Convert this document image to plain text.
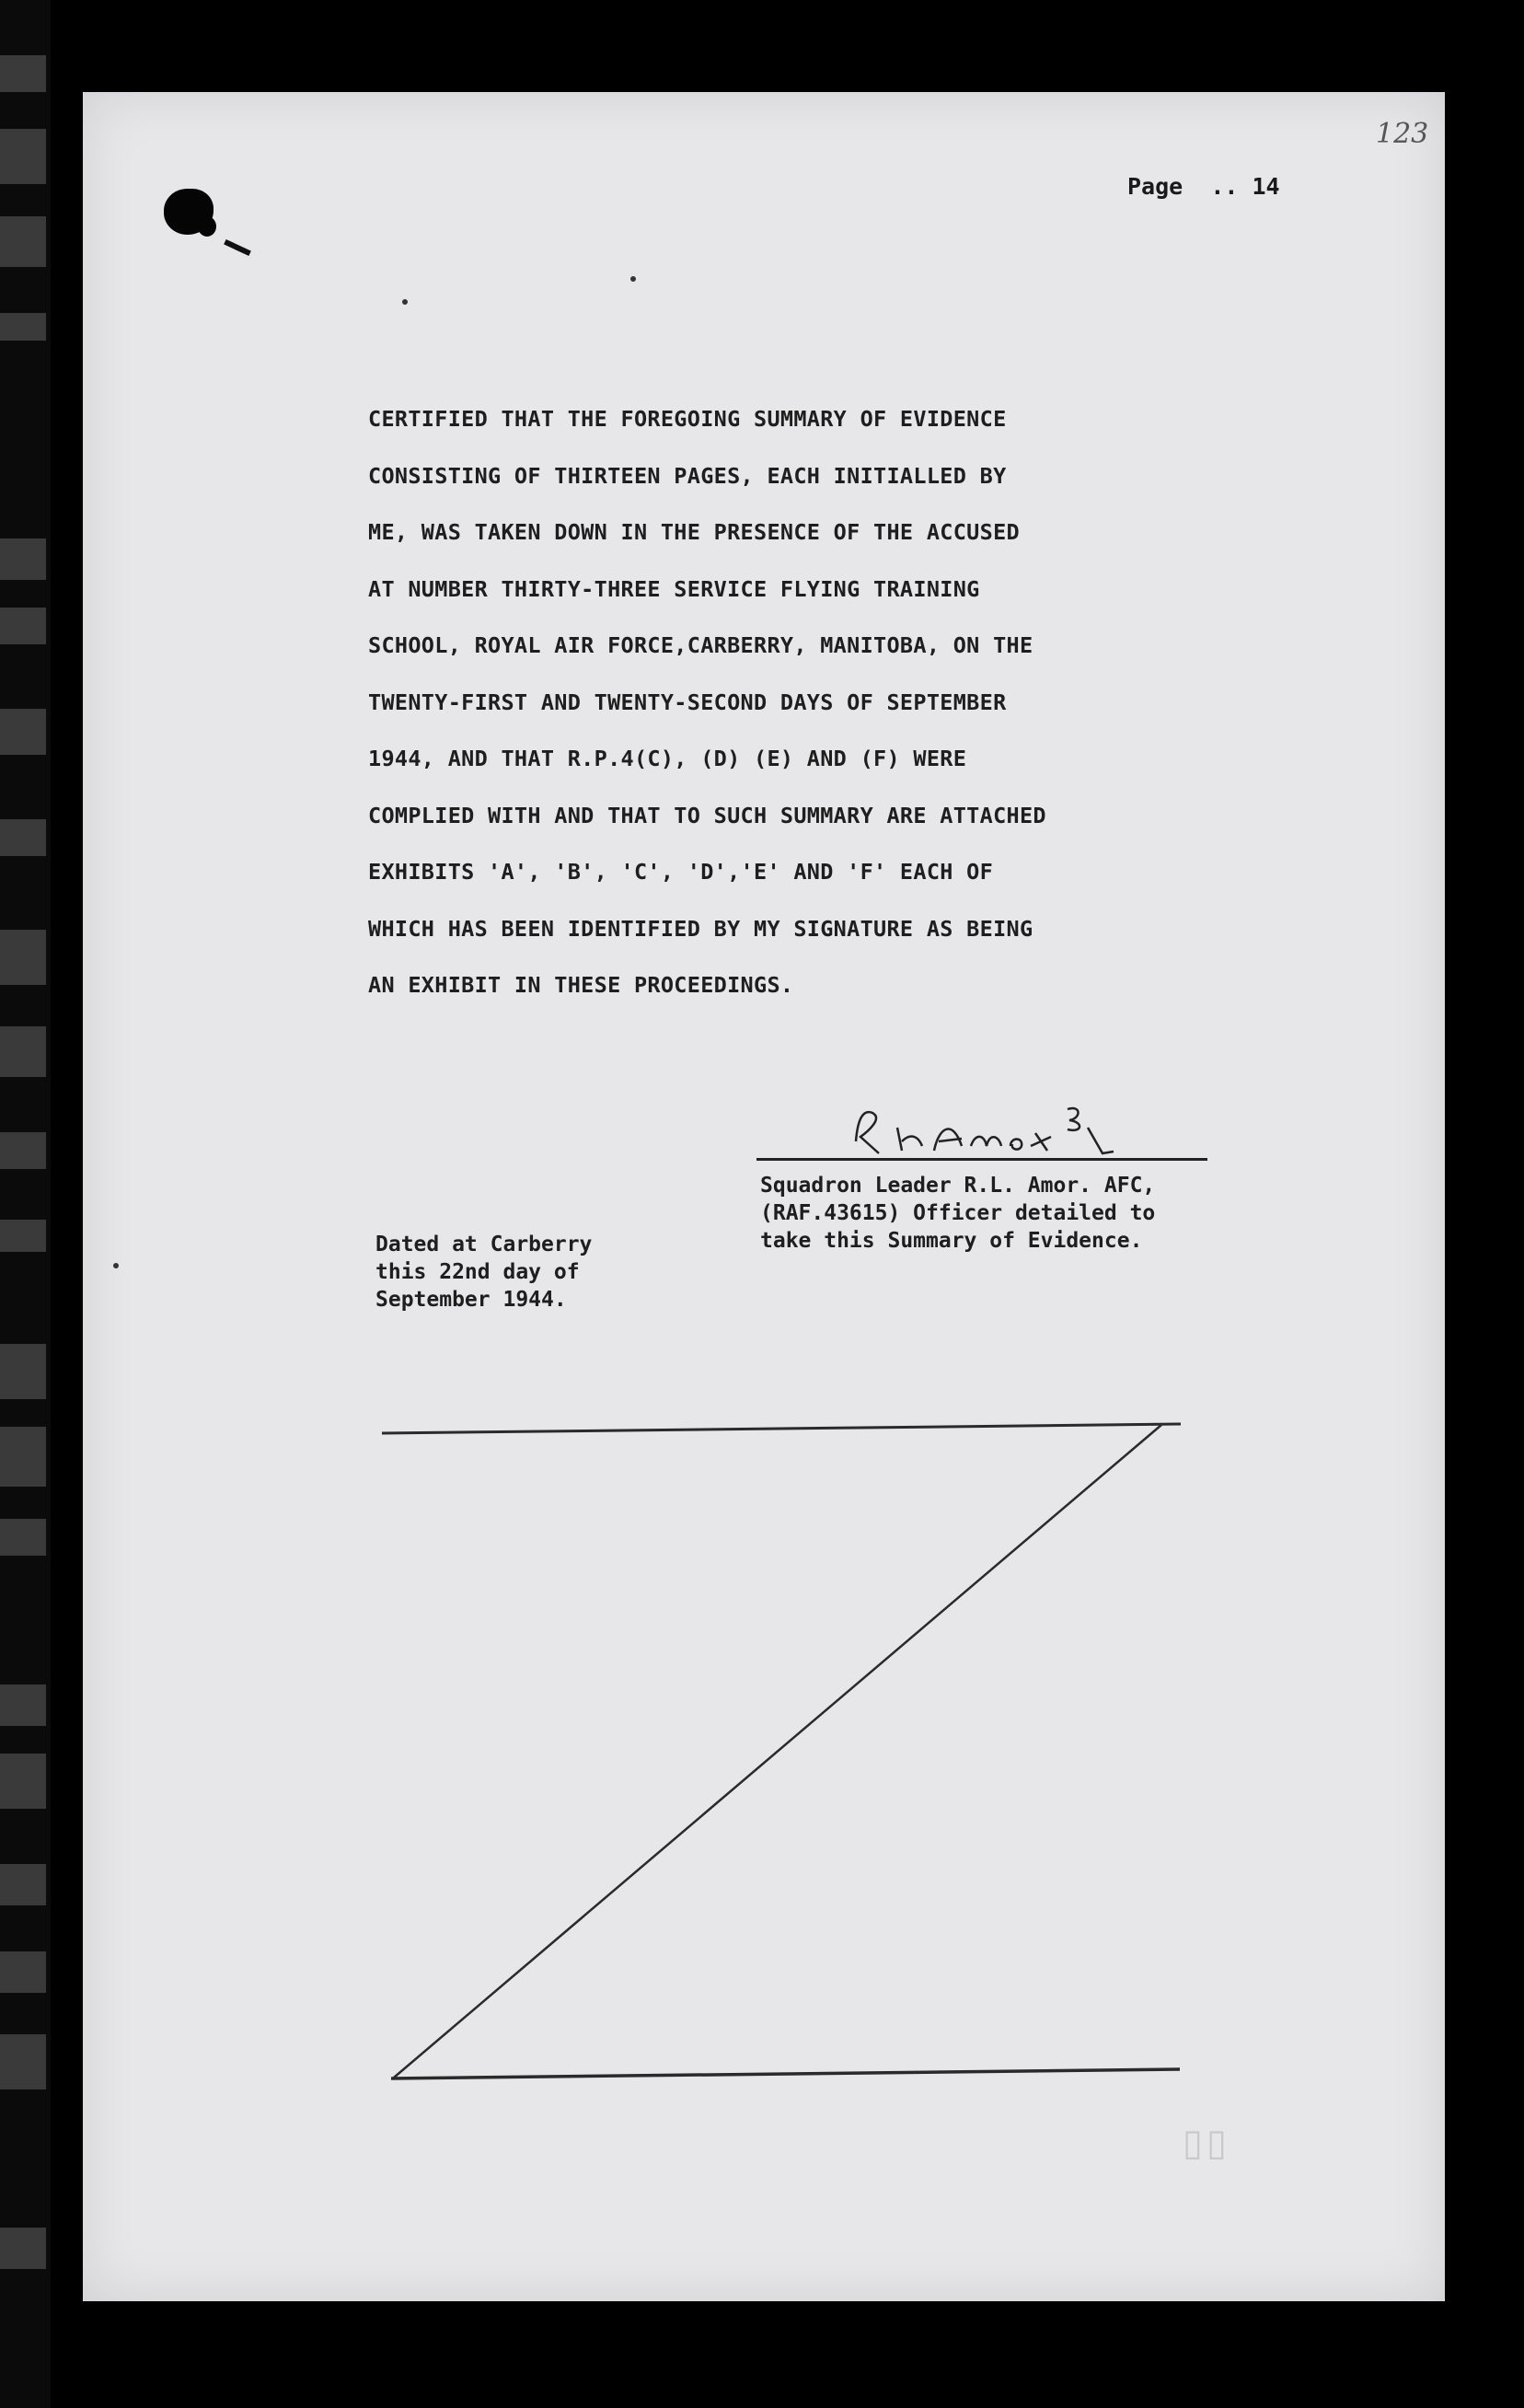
123
Page .. 14
CERTIFIED THAT THE FOREGOING SUMMARY OF EVIDENCE
CONSISTING OF THIRTEEN PAGES, EACH INITIALLED BY
ME, WAS TAKEN DOWN IN THE PRESENCE OF THE ACCUSED
AT NUMBER THIRTY-THREE SERVICE FLYING TRAINING
SCHOOL, ROYAL AIR FORCE,CARBERRY, MANITOBA, ON THE
TWENTY-FIRST AND TWENTY-SECOND DAYS OF SEPTEMBER
1944, AND THAT R.P.4(C), (D) (E) AND (F) WERE
COMPLIED WITH AND THAT TO SUCH SUMMARY ARE ATTACHED
EXHIBITS 'A', 'B', 'C', 'D','E' AND 'F' EACH OF
WHICH HAS BEEN IDENTIFIED BY MY SIGNATURE AS BEING
AN EXHIBIT IN THESE PROCEEDINGS.
Squadron Leader R.L. Amor. AFC,
(RAF.43615) Officer detailed to
take this Summary of Evidence.
Dated at Carberry
this 22nd day of
September 1944.
▯▯
